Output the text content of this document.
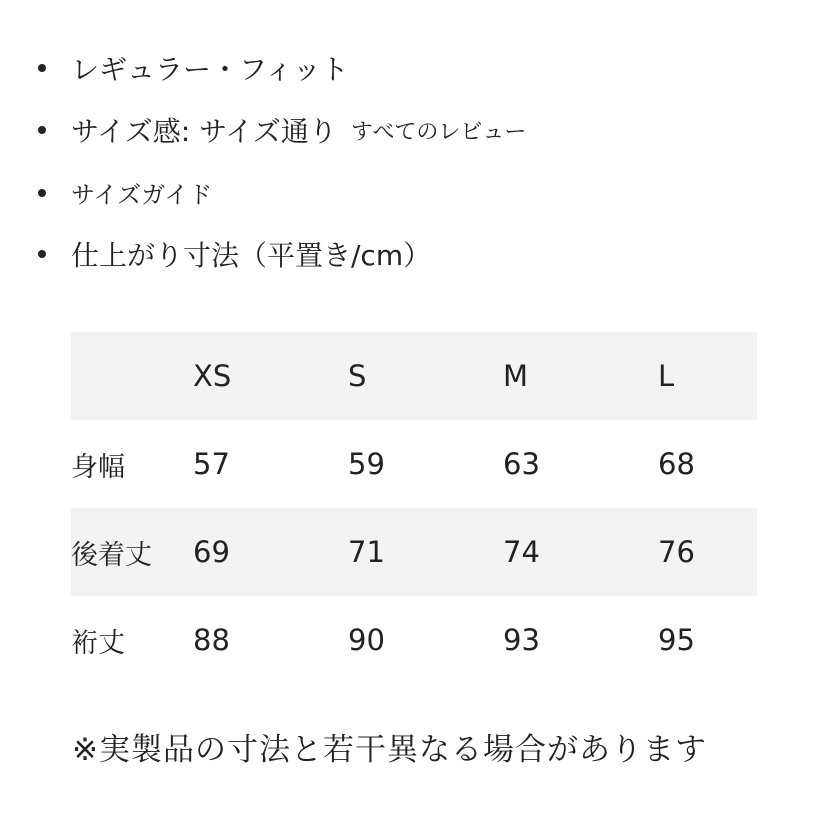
レギュラー・フィット
サイズ感: サイズ通り すべてのレビュー
サイズガイド
仕上がり寸法（平置き/cm）
	XS	S	M	L
身幅	57	59	63	68
後着丈	69	71	74	76
裄丈	88	90	93	95
※実製品の寸法と若干異なる場合があります
